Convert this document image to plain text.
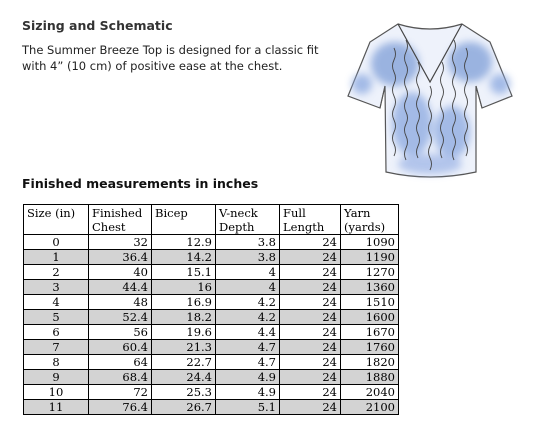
Sizing and Schematic
The Summer Breeze Top is designed for a classic fit with 4” (10 cm) of positive ease at the chest.
Finished measurements in inches
Size (in)	Finished Chest	Bicep	V-neck Depth	Full Length	Yarn (yards)
0	32	12.9	3.8	24	1090
1	36.4	14.2	3.8	24	1190
2	40	15.1	4	24	1270
3	44.4	16	4	24	1360
4	48	16.9	4.2	24	1510
5	52.4	18.2	4.2	24	1600
6	56	19.6	4.4	24	1670
7	60.4	21.3	4.7	24	1760
8	64	22.7	4.7	24	1820
9	68.4	24.4	4.9	24	1880
10	72	25.3	4.9	24	2040
11	76.4	26.7	5.1	24	2100
